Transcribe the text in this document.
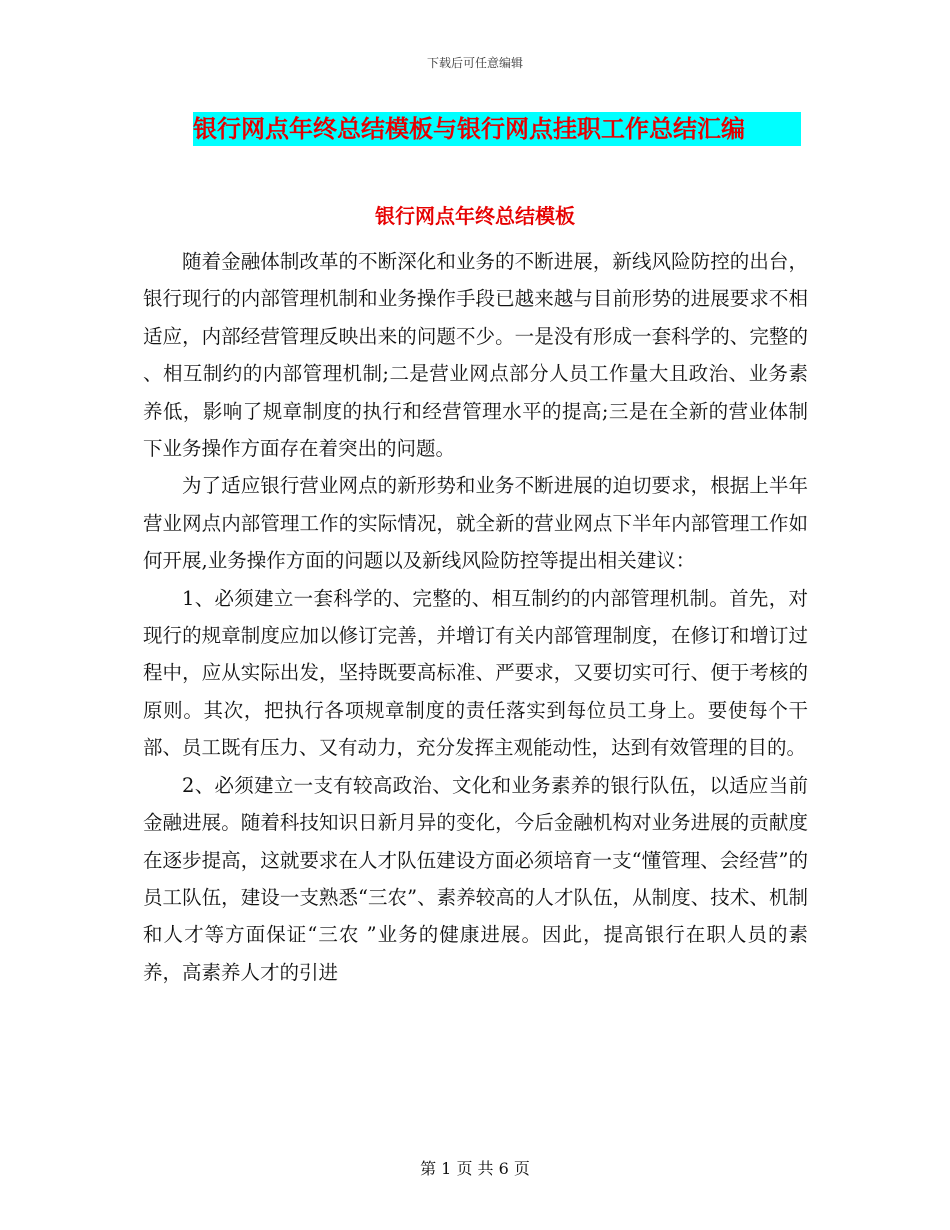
下载后可任意编辑
银行网点年终总结模板与银行网点挂职工作总结汇编
银行网点年终总结模板

随着金融体制改革的不断深化和业务的不断进展，新线风险防控的出台，银行现行的内部管理机制和业务操作手段已越来越与目前形势的进展要求不相适应，内部经营管理反映出来的问题不少。一是没有形成一套科学的、完整的 、相互制约的内部管理机制;二是营业网点部分人员工作量大且政治、业务素养低，影响了规章制度的执行和经营管理水平的提高;三是在全新的营业体制下业务操作方面存在着突出的问题。

为了适应银行营业网点的新形势和业务不断进展的迫切要求，根据上半年营业网点内部管理工作的实际情况，就全新的营业网点下半年内部管理工作如何开展,业务操作方面的问题以及新线风险防控等提出相关建议：

1、必须建立一套科学的、完整的、相互制约的内部管理机制。首先，对现行的规章制度应加以修订完善，并增订有关内部管理制度，在修订和增订过程中，应从实际出发，坚持既要高标准、严要求，又要切实可行、便于考核的原则。其次，把执行各项规章制度的责任落实到每位员工身上。要使每个干部、员工既有压力、又有动力，充分发挥主观能动性，达到有效管理的目的。

2、必须建立一支有较高政治、文化和业务素养的银行队伍，以适应当前金融进展。随着科技知识日新月异的变化，今后金融机构对业务进展的贡献度在逐步提高，这就要求在人才队伍建设方面必须培育一支“懂管理、会经营”的员工队伍，建设一支熟悉“三农”、素养较高的人才队伍，从制度、技术、机制和人才等方面保证“三农 ”业务的健康进展。因此，提高银行在职人员的素养，高素养人才的引进

第 1 页 共 6 页
